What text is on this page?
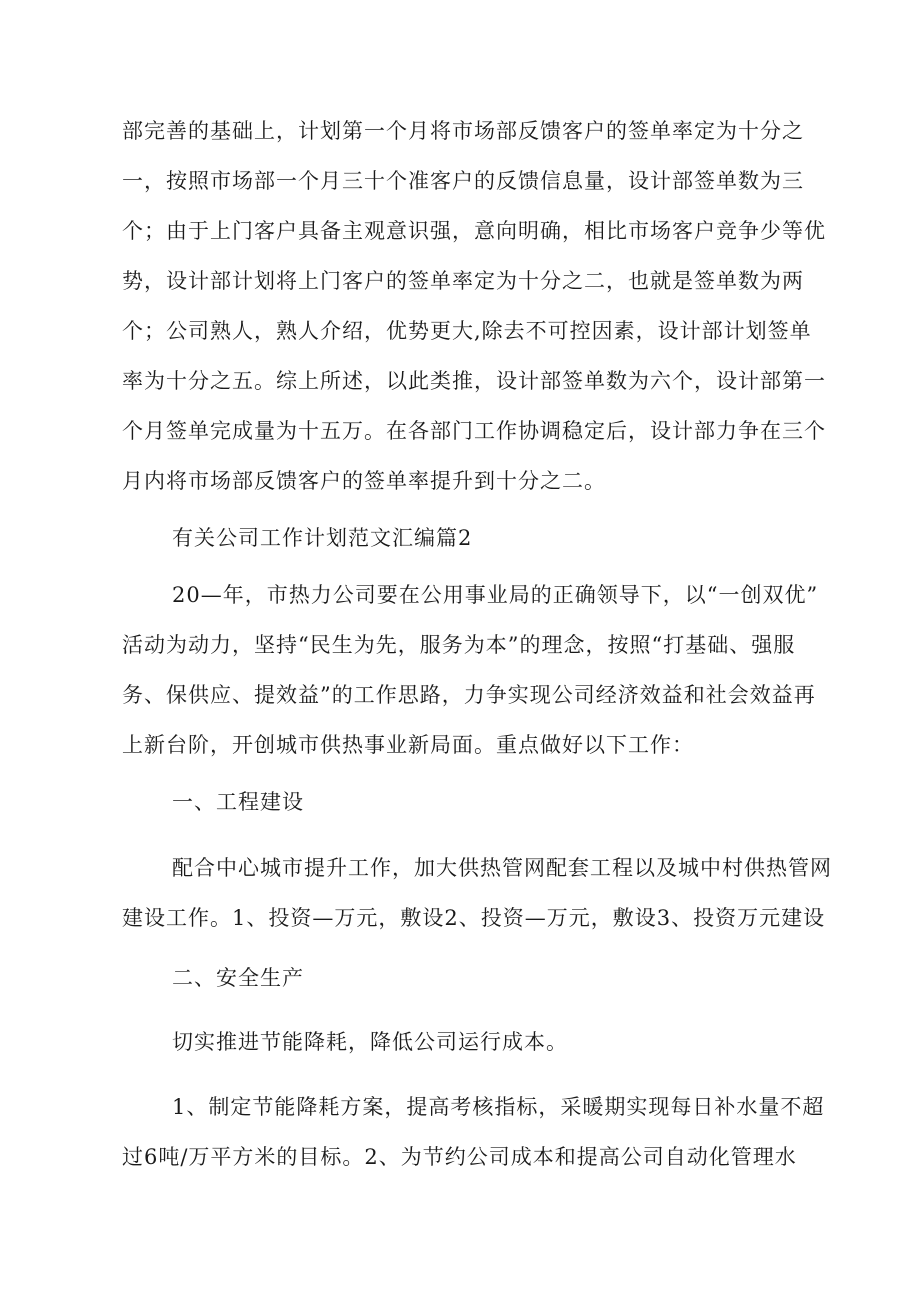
部完善的基础上，计划第一个月将市场部反馈客户的签单率定为十分之
一，按照市场部一个月三十个准客户的反馈信息量，设计部签单数为三
个；由于上门客户具备主观意识强，意向明确，相比市场客户竞争少等优
势，设计部计划将上门客户的签单率定为十分之二，也就是签单数为两
个；公司熟人，熟人介绍，优势更大,除去不可控因素，设计部计划签单
率为十分之五。综上所述，以此类推，设计部签单数为六个，设计部第一
个月签单完成量为十五万。在各部门工作协调稳定后，设计部力争在三个
月内将市场部反馈客户的签单率提升到十分之二。
有关公司工作计划范文汇编篇2
20—年，市热力公司要在公用事业局的正确领导下，以“一创双优”
活动为动力，坚持“民生为先，服务为本”的理念，按照“打基础、强服
务、保供应、提效益”的工作思路，力争实现公司经济效益和社会效益再
上新台阶，开创城市供热事业新局面。重点做好以下工作：
一、工程建设
配合中心城市提升工作，加大供热管网配套工程以及城中村供热管网
建设工作。1、投资—万元，敷设2、投资—万元，敷设3、投资万元建设
二、安全生产
切实推进节能降耗，降低公司运行成本。
1、制定节能降耗方案，提高考核指标，采暖期实现每日补水量不超
过6吨/万平方米的目标。2、为节约公司成本和提高公司自动化管理水
